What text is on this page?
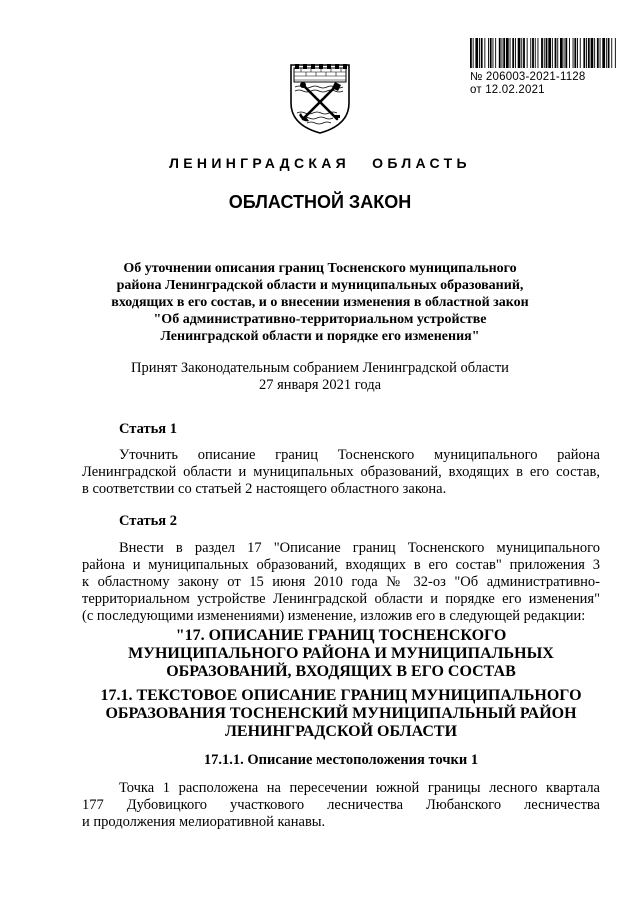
№ 206003-2021-1128
от 12.02.2021
ЛЕНИНГРАДСКАЯ ОБЛАСТЬ
ОБЛАСТНОЙ ЗАКОН
Об уточнении описания границ Тосненского муниципального
района Ленинградской области и муниципальных образований,
входящих в его состав, и о внесении изменения в областной закон
"Об административно-территориальном устройстве
Ленинградской области и порядке его изменения"
Принят Законодательным собранием Ленинградской области
27 января 2021 года
Статья 1
Уточнить описание границ Тосненского муниципального района
Ленинградской области и муниципальных образований, входящих в его состав,
в соответствии со статьей 2 настоящего областного закона.
Статья 2
Внести в раздел 17 "Описание границ Тосненского муниципального
района и муниципальных образований, входящих в его состав" приложения 3
к областному закону от 15 июня 2010 года № 32-оз "Об административно-
территориальном устройстве Ленинградской области и порядке его изменения"
(с последующими изменениями) изменение, изложив его в следующей редакции:
"17. ОПИСАНИЕ ГРАНИЦ ТОСНЕНСКОГО
МУНИЦИПАЛЬНОГО РАЙОНА И МУНИЦИПАЛЬНЫХ
ОБРАЗОВАНИЙ, ВХОДЯЩИХ В ЕГО СОСТАВ
17.1. ТЕКСТОВОЕ ОПИСАНИЕ ГРАНИЦ МУНИЦИПАЛЬНОГО
ОБРАЗОВАНИЯ ТОСНЕНСКИЙ МУНИЦИПАЛЬНЫЙ РАЙОН
ЛЕНИНГРАДСКОЙ ОБЛАСТИ
17.1.1. Описание местоположения точки 1
Точка 1 расположена на пересечении южной границы лесного квартала
177 Дубовицкого участкового лесничества Любанского лесничества
и продолжения мелиоративной канавы.
